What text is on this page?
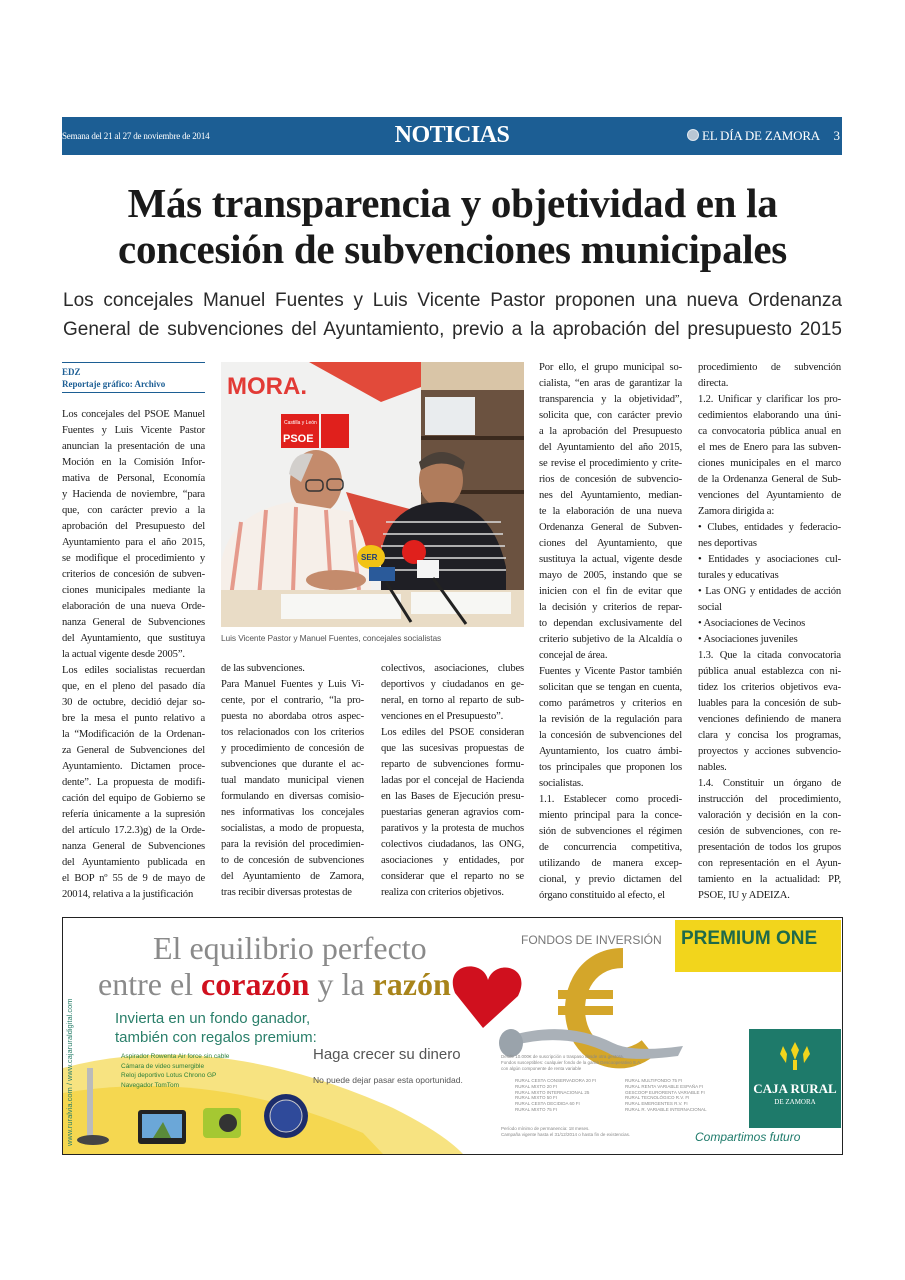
Semana del 21 al 27 de noviembre de 2014	NOTICIAS	EL DÍA DE ZAMORA 3
Más transparencia y objetividad en la
concesión de subvenciones municipales
Los concejales Manuel Fuentes y Luis Vicente Pastor proponen una nueva Ordenanza
General de subvenciones del Ayuntamiento, previo a la aprobación del presupuesto 2015
EDZ
Reportaje gráfico: Archivo	MORA.
Castilla y León
PSOE
SER
Luis Vicente Pastor y Manuel Fuentes, concejales socialistas
Los concejales del PSOE Manuel
Fuentes y Luis Vicente Pastor
anuncian la presentación de una
Moción en la Comisión Infor-
mativa de Personal, Economía
y Hacienda de noviembre, “para
que, con carácter previo a la
aprobación del Presupuesto del
Ayuntamiento para el año 2015,
se modifique el procedimiento y
criterios de concesión de subven-
ciones municipales mediante la
elaboración de una nueva Orde-
nanza General de Subvenciones
del Ayuntamiento, que sustituya
la actual vigente desde 2005”.
Los ediles socialistas recuerdan
que, en el pleno del pasado día
30 de octubre, decidió dejar so-
bre la mesa el punto relativo a
la “Modificación de la Ordenan-
za General de Subvenciones del
Ayuntamiento. Dictamen proce-
dente”. La propuesta de modifi-
cación del equipo de Gobierno se
refería únicamente a la supresión
del artículo 17.2.3)g) de la Orde-
nanza General de Subvenciones
del Ayuntamiento publicada en
el BOP nº 55 de 9 de mayo de
20014, relativa a la justificación
de las subvenciones.
Para Manuel Fuentes y Luis Vi-
cente, por el contrario, “la pro-
puesta no abordaba otros aspec-
tos relacionados con los criterios
y procedimiento de concesión de
subvenciones que durante el ac-
tual mandato municipal vienen
formulando en diversas comisio-
nes informativas los concejales
socialistas, a modo de propuesta,
para la revisión del procedimien-
to de concesión de subvenciones
del Ayuntamiento de Zamora,
tras recibir diversas protestas de
colectivos, asociaciones, clubes
deportivos y ciudadanos en ge-
neral, en torno al reparto de sub-
venciones en el Presupuesto”.
Los ediles del PSOE consideran
que las sucesivas propuestas de
reparto de subvenciones formu-
ladas por el concejal de Hacienda
en las Bases de Ejecución presu-
puestarias generan agravios com-
parativos y la protesta de muchos
colectivos ciudadanos, las ONG,
asociaciones y entidades, por
considerar que el reparto no se
realiza con criterios objetivos.
Por ello, el grupo municipal so-
cialista, “en aras de garantizar la
transparencia y la objetividad”,
solicita que, con carácter previo
a la aprobación del Presupuesto
del Ayuntamiento del año 2015,
se revise el procedimiento y crite-
rios de concesión de subvencio-
nes del Ayuntamiento, median-
te la elaboración de una nueva
Ordenanza General de Subven-
ciones del Ayuntamiento, que
sustituya la actual, vigente desde
mayo de 2005, instando que se
inicien con el fin de evitar que
la decisión y criterios de repar-
to dependan exclusivamente del
criterio subjetivo de la Alcaldía o
concejal de área.
Fuentes y Vicente Pastor también
solicitan que se tengan en cuenta,
como parámetros y criterios en
la revisión de la regulación para
la concesión de subvenciones del
Ayuntamiento, los cuatro ámbi-
tos principales que proponen los
socialistas.
1.1. Establecer como procedi-
miento principal para la conce-
sión de subvenciones el régimen
de concurrencia competitiva,
utilizando de manera excep-
cional, y previo dictamen del
órgano constituido al efecto, el
procedimiento de subvención
directa.
1.2. Unificar y clarificar los pro-
cedimientos elaborando una úni-
ca convocatoria pública anual en
el mes de Enero para las subven-
ciones municipales en el marco
de la Ordenanza General de Sub-
venciones del Ayuntamiento de
Zamora dirigida a:
• Clubes, entidades y federacio-
nes deportivas
• Entidades y asociaciones cul-
turales y educativas
• Las ONG y entidades de acción
social
• Asociaciones de Vecinos
• Asociaciones juveniles
1.3. Que la citada convocatoria
pública anual establezca con ni-
tidez los criterios objetivos eva-
luables para la concesión de sub-
venciones definiendo de manera
clara y concisa los programas,
proyectos y acciones subvencio-
nables.
1.4. Constituir un órgano de
instrucción del procedimiento,
valoración y decisión en la con-
cesión de subvenciones, con re-
presentación de todos los grupos
con representación en el Ayun-
tamiento en la actualidad: PP,
PSOE, IU y ADEIZA.
El equilibrio perfecto
entre el corazón y la razón
Invierta en un fondo ganador,
también con regalos premium:
Aspirador Rowenta Air force sin cable
Cámara de video sumergible
Reloj deportivo Lotus Chrono GP
Navegador TomTom
www.ruralvia.com / www.cajaruraldigital.com	Haga crecer su dinero
No puede dejar pasar esta oportunidad.
FONDOS DE INVERSIÓN PREMIUM ONE
Desde 10.000€ de suscripción o traspaso desde otra gestora.
Fondos susceptibles: cualquier fondo de la gama Gescooperativo S.A.
con algún componente de renta variable
RURAL CESTA CONSERVADORA 20 FI
RURAL MIXTO 20 FI
RURAL MIXTO INTERNACIONAL 25
RURAL MIXTO 50 FI
RURAL CESTA DECIDIDA 60 FI
RURAL MIXTO 75 FI
RURAL MULTIFONDO 75 FI
RURAL RENTA VARIABLE ESPAÑA FI
GESCOOP EURORENTA VARIABLE FI
RURAL TECNOLÓGICO R.V. FI
RURAL EMERGENTES R.V. FI
RURAL R. VARIABLE INTERNACIONAL
Período mínimo de permanencia: 18 meses.
Campaña vigente hasta el 31/12/2014 o hasta fin de existencias.
CAJA RURAL
DE ZAMORA
Compartimos futuro
